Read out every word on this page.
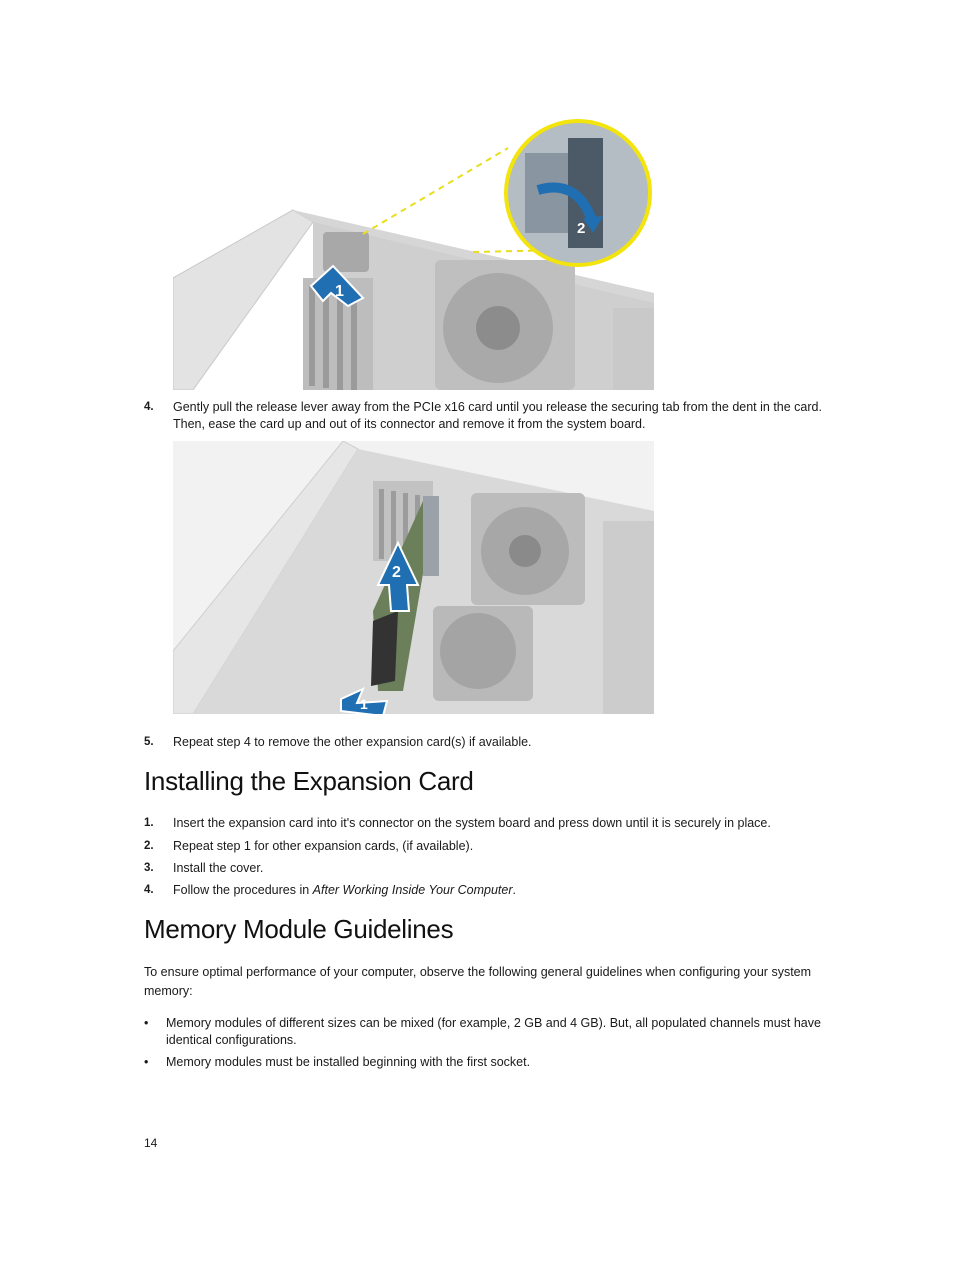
1
2
4. Gently pull the release lever away from the PCIe x16 card until you release the securing tab from the dent in the card. Then, ease the card up and out of its connector and remove it from the system board.
2
1
5. Repeat step 4 to remove the other expansion card(s) if available.
Installing the Expansion Card
1. Insert the expansion card into it's connector on the system board and press down until it is securely in place.
2. Repeat step 1 for other expansion cards, (if available).
3. Install the cover.
4. Follow the procedures in After Working Inside Your Computer.
Memory Module Guidelines
To ensure optimal performance of your computer, observe the following general guidelines when configuring your system memory:
• Memory modules of different sizes can be mixed (for example, 2 GB and 4 GB). But, all populated channels must have identical configurations.
• Memory modules must be installed beginning with the first socket.
14
